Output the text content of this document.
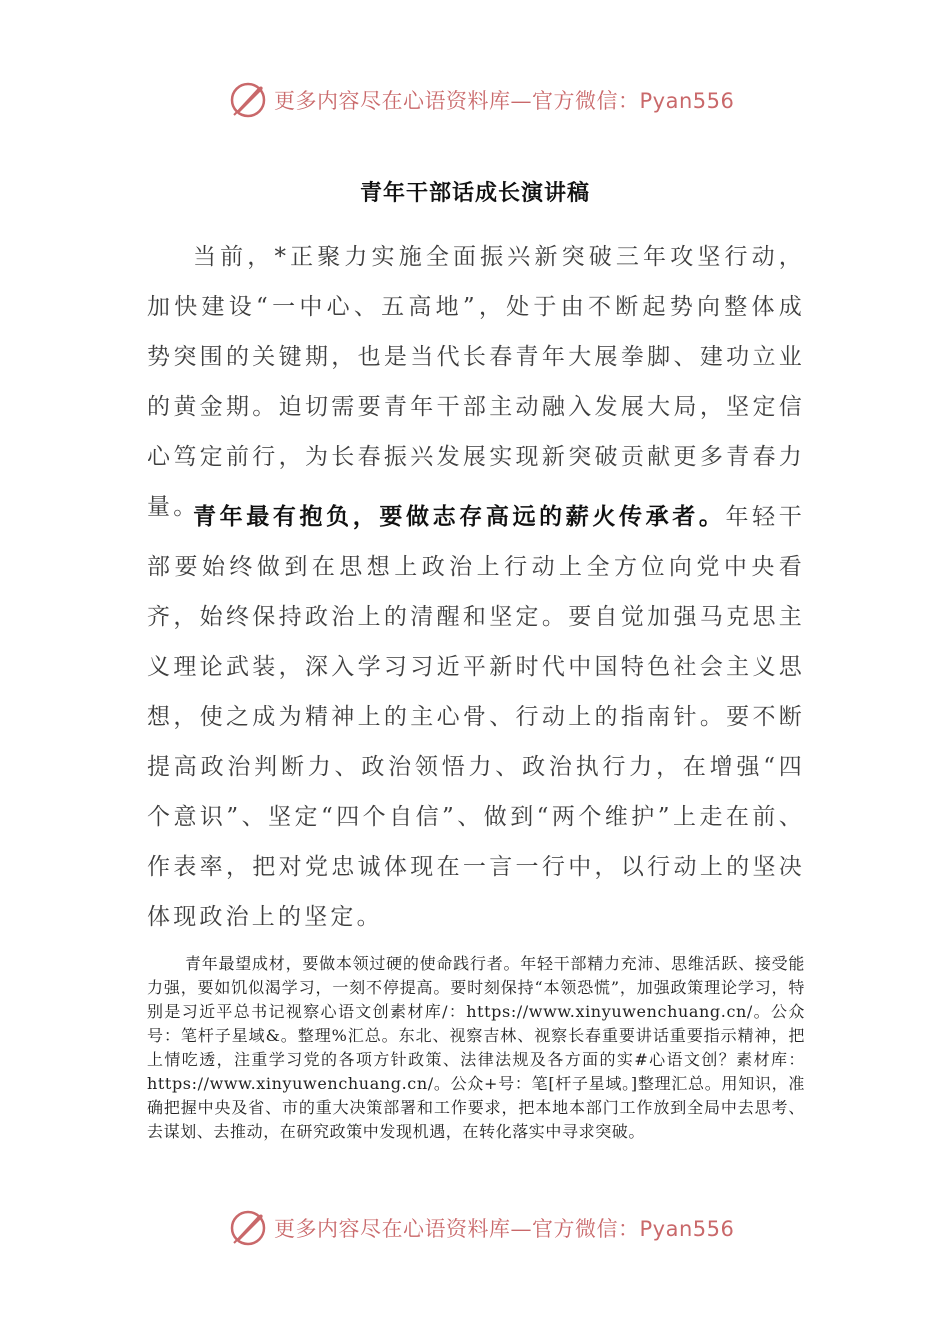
更多内容尽在心语资料库—官方微信：Pyan556
青年干部话成长演讲稿

当前，*正聚力实施全面振兴新突破三年攻坚行动，加快建设“一中心、五高地”，处于由不断起势向整体成势突围的关键期，也是当代长春青年大展拳脚、建功立业的黄金期。迫切需要青年干部主动融入发展大局，坚定信心笃定前行，为长春振兴发展实现新突破贡献更多青春力量。

青年最有抱负，要做志存高远的薪火传承者。年轻干部要始终做到在思想上政治上行动上全方位向党中央看齐，始终保持政治上的清醒和坚定。要自觉加强马克思主义理论武装，深入学习习近平新时代中国特色社会主义思想，使之成为精神上的主心骨、行动上的指南针。要不断提高政治判断力、政治领悟力、政治执行力，在增强“四个意识”、坚定“四个自信”、做到“两个维护”上走在前、作表率，把对党忠诚体现在一言一行中，以行动上的坚决体现政治上的坚定。

青年最望成材，要做本领过硬的使命践行者。年轻干部精力充沛、思维活跃、接受能力强，要如饥似渴学习，一刻不停提高。要时刻保持“本领恐慌”，加强政策理论学习，特别是习近平总书记视察心语文创素材库/：https://www.xinyuwenchuang.cn/。公众号：笔杆子星域&。整理%汇总。东北、视察吉林、视察长春重要讲话重要指示精神，把上情吃透，注重学习党的各项方针政策、法律法规及各方面的实#心语文创？素材库：https://www.xinyuwenchuang.cn/。公众+号：笔[杆子星域。]整理汇总。用知识，准确把握中央及省、市的重大决策部署和工作要求，把本地本部门工作放到全局中去思考、去谋划、去推动，在研究政策中发现机遇，在转化落实中寻求突破。

更多内容尽在心语资料库—官方微信：Pyan556
